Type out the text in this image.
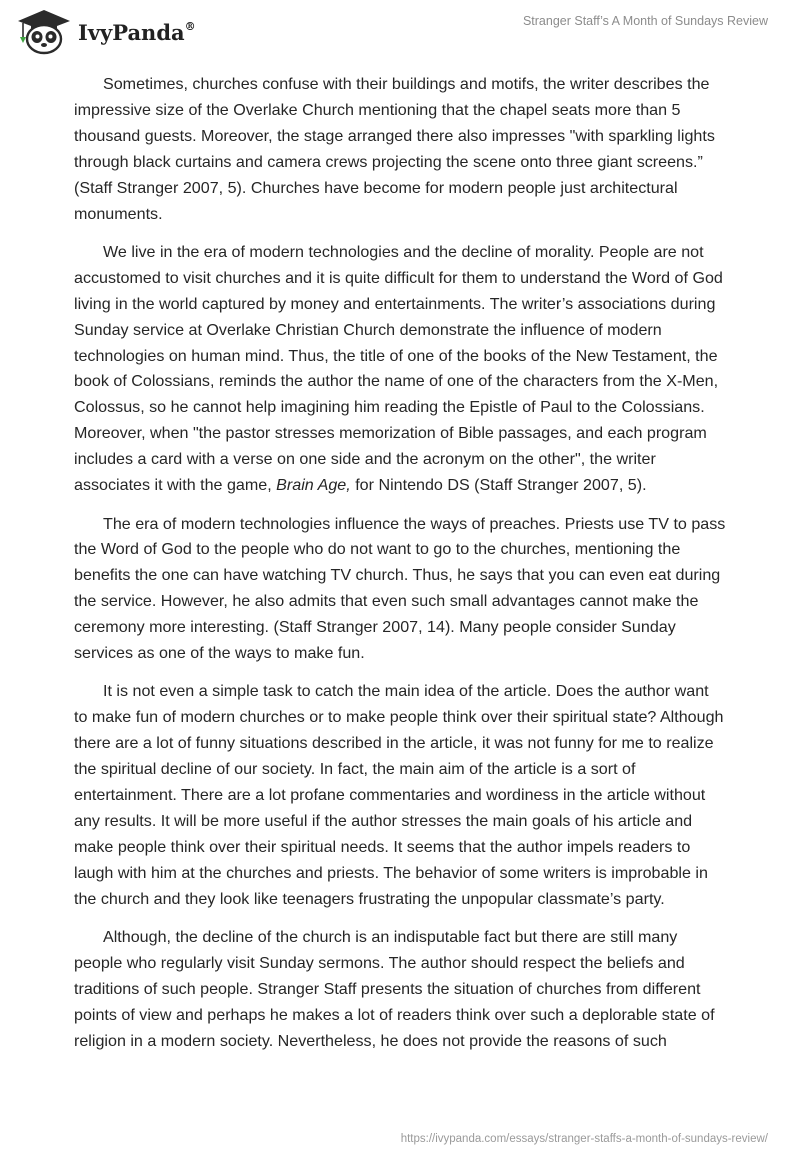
IvyPanda®	Stranger Staff’s A Month of Sundays Review

Sometimes, churches confuse with their buildings and motifs, the writer describes the impressive size of the Overlake Church mentioning that the chapel seats more than 5 thousand guests. Moreover, the stage arranged there also impresses "with sparkling lights through black curtains and camera crews projecting the scene onto three giant screens.” (Staff Stranger 2007, 5). Churches have become for modern people just architectural monuments.

We live in the era of modern technologies and the decline of morality. People are not accustomed to visit churches and it is quite difficult for them to understand the Word of God living in the world captured by money and entertainments. The writer’s associations during Sunday service at Overlake Christian Church demonstrate the influence of modern technologies on human mind. Thus, the title of one of the books of the New Testament, the book of Colossians, reminds the author the name of one of the characters from the X-Men, Colossus, so he cannot help imagining him reading the Epistle of Paul to the Colossians. Moreover, when "the pastor stresses memorization of Bible passages, and each program includes a card with a verse on one side and the acronym on the other", the writer associates it with the game, Brain Age, for Nintendo DS (Staff Stranger 2007, 5).

The era of modern technologies influence the ways of preaches. Priests use TV to pass the Word of God to the people who do not want to go to the churches, mentioning the benefits the one can have watching TV church. Thus, he says that you can even eat during the service. However, he also admits that even such small advantages cannot make the ceremony more interesting. (Staff Stranger 2007, 14). Many people consider Sunday services as one of the ways to make fun.

It is not even a simple task to catch the main idea of the article. Does the author want to make fun of modern churches or to make people think over their spiritual state? Although there are a lot of funny situations described in the article, it was not funny for me to realize the spiritual decline of our society. In fact, the main aim of the article is a sort of entertainment. There are a lot profane commentaries and wordiness in the article without any results. It will be more useful if the author stresses the main goals of his article and make people think over their spiritual needs. It seems that the author impels readers to laugh with him at the churches and priests. The behavior of some writers is improbable in the church and they look like teenagers frustrating the unpopular classmate’s party.

Although, the decline of the church is an indisputable fact but there are still many people who regularly visit Sunday sermons. The author should respect the beliefs and traditions of such people. Stranger Staff presents the situation of churches from different points of view and perhaps he makes a lot of readers think over such a deplorable state of religion in a modern society. Nevertheless, he does not provide the reasons of such

https://ivypanda.com/essays/stranger-staffs-a-month-of-sundays-review/
